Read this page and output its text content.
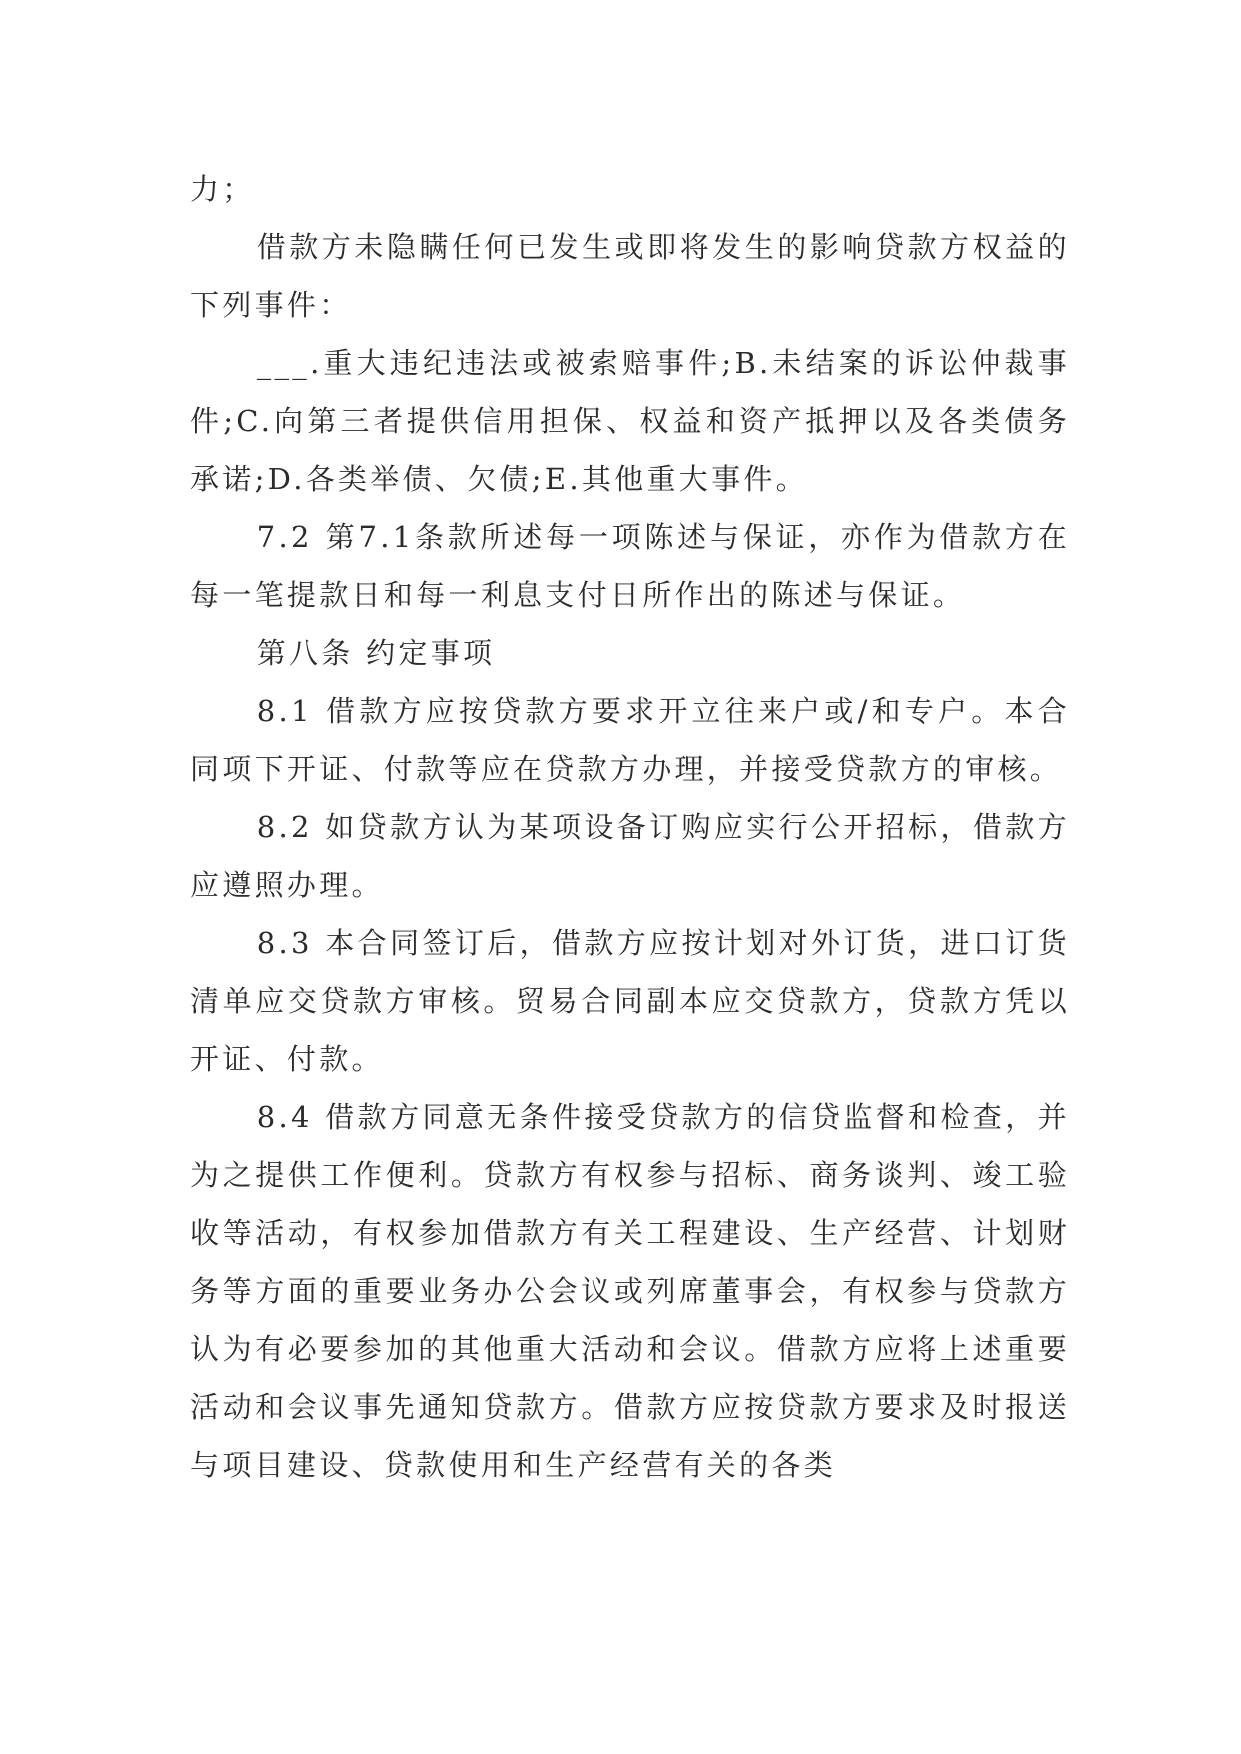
力；

借款方未隐瞒任何已发生或即将发生的影响贷款方权益的下列事件：

___.重大违纪违法或被索赔事件;B.未结案的诉讼仲裁事件;C.向第三者提供信用担保、权益和资产抵押以及各类债务承诺;D.各类举债、欠债;E.其他重大事件。

7.2 第7.1条款所述每一项陈述与保证，亦作为借款方在每一笔提款日和每一利息支付日所作出的陈述与保证。

第八条 约定事项

8.1 借款方应按贷款方要求开立往来户或/和专户。本合同项下开证、付款等应在贷款方办理，并接受贷款方的审核。

8.2 如贷款方认为某项设备订购应实行公开招标，借款方应遵照办理。

8.3 本合同签订后，借款方应按计划对外订货，进口订货清单应交贷款方审核。贸易合同副本应交贷款方，贷款方凭以开证、付款。

8.4 借款方同意无条件接受贷款方的信贷监督和检查，并为之提供工作便利。贷款方有权参与招标、商务谈判、竣工验收等活动，有权参加借款方有关工程建设、生产经营、计划财务等方面的重要业务办公会议或列席董事会，有权参与贷款方认为有必要参加的其他重大活动和会议。借款方应将上述重要活动和会议事先通知贷款方。借款方应按贷款方要求及时报送与项目建设、贷款使用和生产经营有关的各类
